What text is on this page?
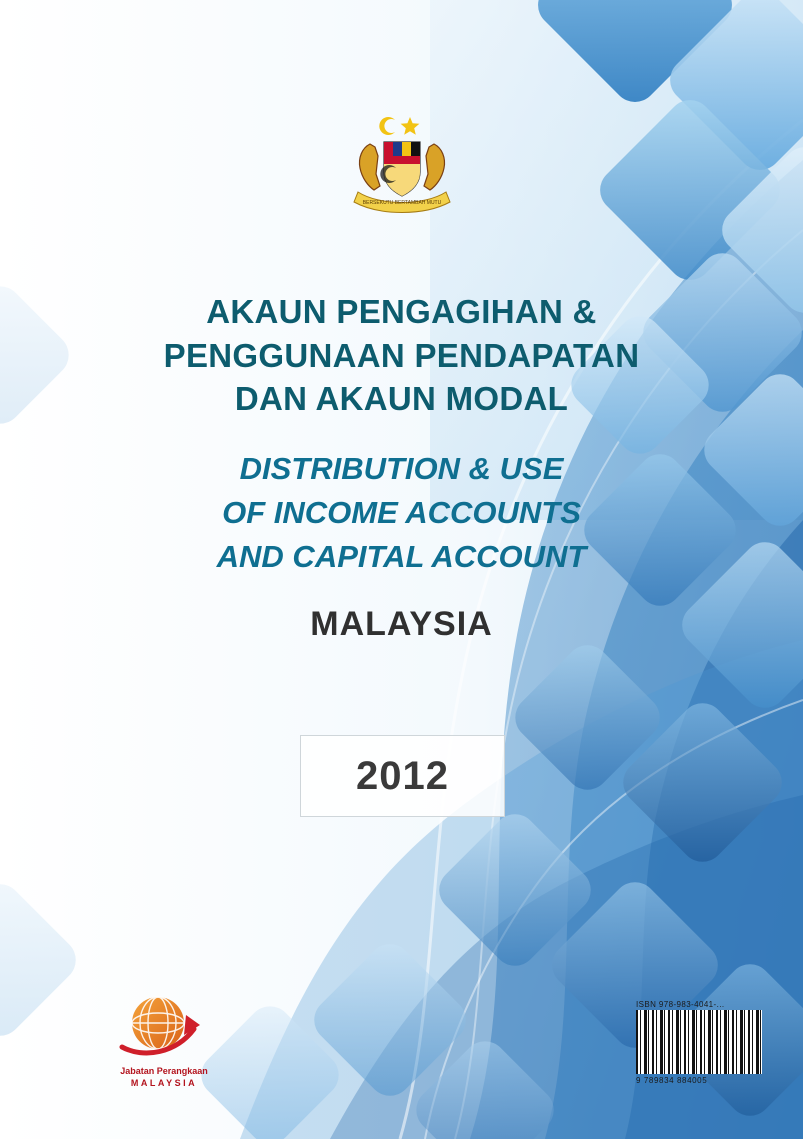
BERSEKUTU BERTAMBAH MUTU
AKAUN PENGAGIHAN &
PENGGUNAAN PENDAPATAN
DAN AKAUN MODAL
DISTRIBUTION & USE
OF INCOME ACCOUNTS
AND CAPITAL ACCOUNT
MALAYSIA
2012
Jabatan Perangkaan
MALAYSIA
ISBN 978-983-4041-...
9 789834 884005
